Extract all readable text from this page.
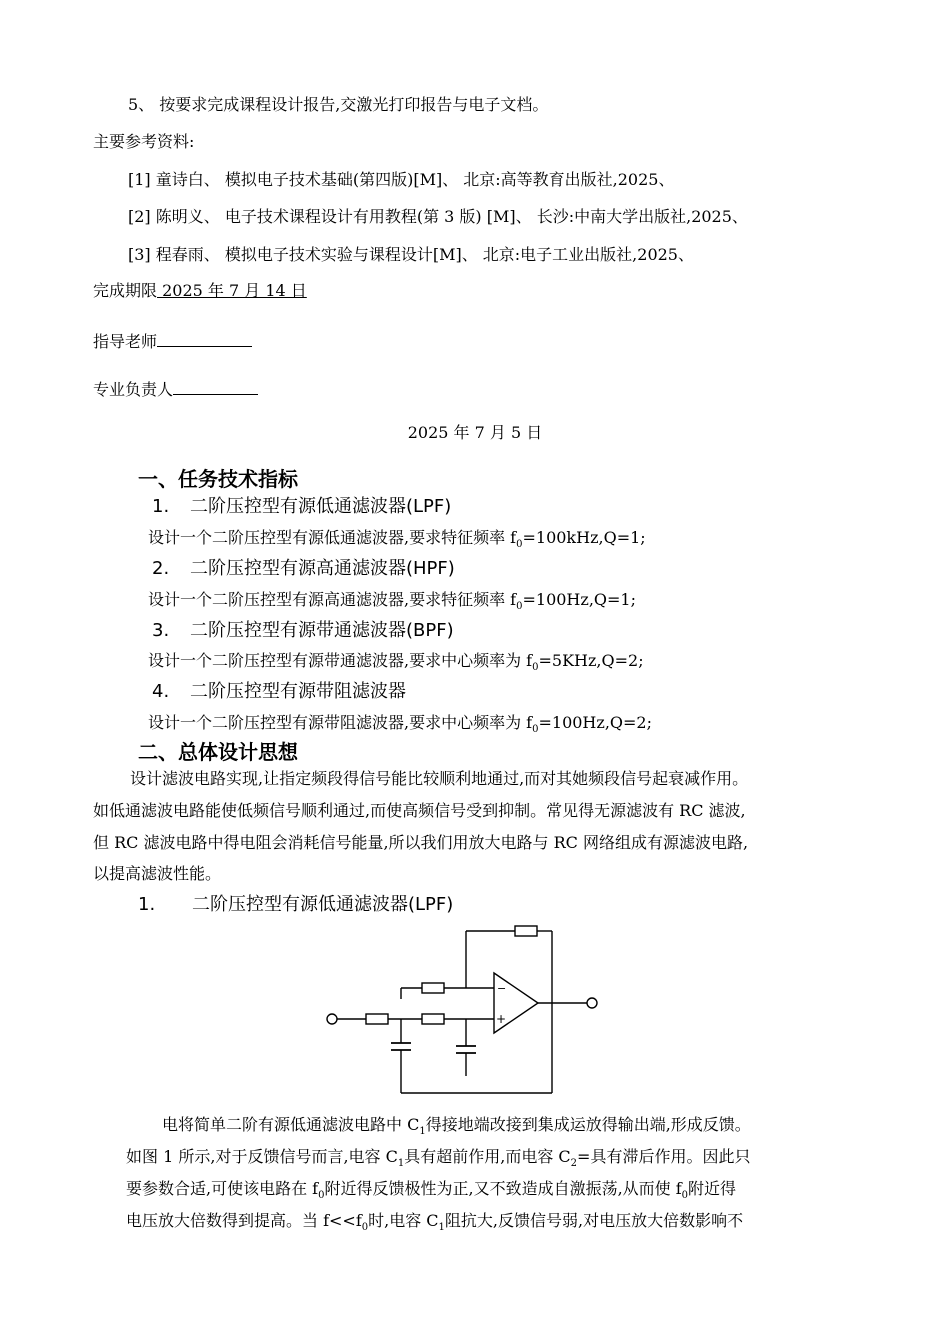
5、 按要求完成课程设计报告,交激光打印报告与电子文档。
主要参考资料:
[1] 童诗白、 模拟电子技术基础(第四版)[M]、 北京:高等教育出版社,2025、
[2] 陈明义、 电子技术课程设计有用教程(第 3 版) [M]、 长沙:中南大学出版社,2025、
[3] 程春雨、 模拟电子技术实验与课程设计[M]、 北京:电子工业出版社,2025、
完成期限 2025 年 7 月 14 日
指导老师
专业负责人
2025 年 7 月 5 日
一、任务技术指标
1. 二阶压控型有源低通滤波器(LPF)
设计一个二阶压控型有源低通滤波器,要求特征频率 $f_0=100kHz,Q=1$;
2. 二阶压控型有源高通滤波器(HPF)
设计一个二阶压控型有源高通滤波器,要求特征频率 $f_0=100Hz,Q=1$;
3. 二阶压控型有源带通滤波器(BPF)
设计一个二阶压控型有源带通滤波器,要求中心频率为 $f_0=5KHz,Q=2$;
4. 二阶压控型有源带阻滤波器
设计一个二阶压控型有源带阻滤波器,要求中心频率为 $f_0=100Hz,Q=2$;
二、总体设计思想
设计滤波电路实现,让指定频段得信号能比较顺利地通过,而对其她频段信号起衰减作用。
如低通滤波电路能使低频信号顺利通过,而使高频信号受到抑制。常见得无源滤波有 RC 滤波,
但 RC 滤波电路中得电阻会消耗信号能量,所以我们用放大电路与 RC 网络组成有源滤波电路,
以提高滤波性能。
1. 二阶压控型有源低通滤波器(LPF)
−
+
电将简单二阶有源低通滤波电路中 $C_1$得接地端改接到集成运放得输出端,形成反馈。
如图 1 所示,对于反馈信号而言,电容 $C_1$具有超前作用,而电容 $C_2=$具有滞后作用。因此只
要参数合适,可使该电路在 $f_0$附近得反馈极性为正,又不致造成自激振荡,从而使 $f_0$附近得
电压放大倍数得到提高。当 $f<<f_0$时,电容 $C_1$阻抗大,反馈信号弱,对电压放大倍数影响不
